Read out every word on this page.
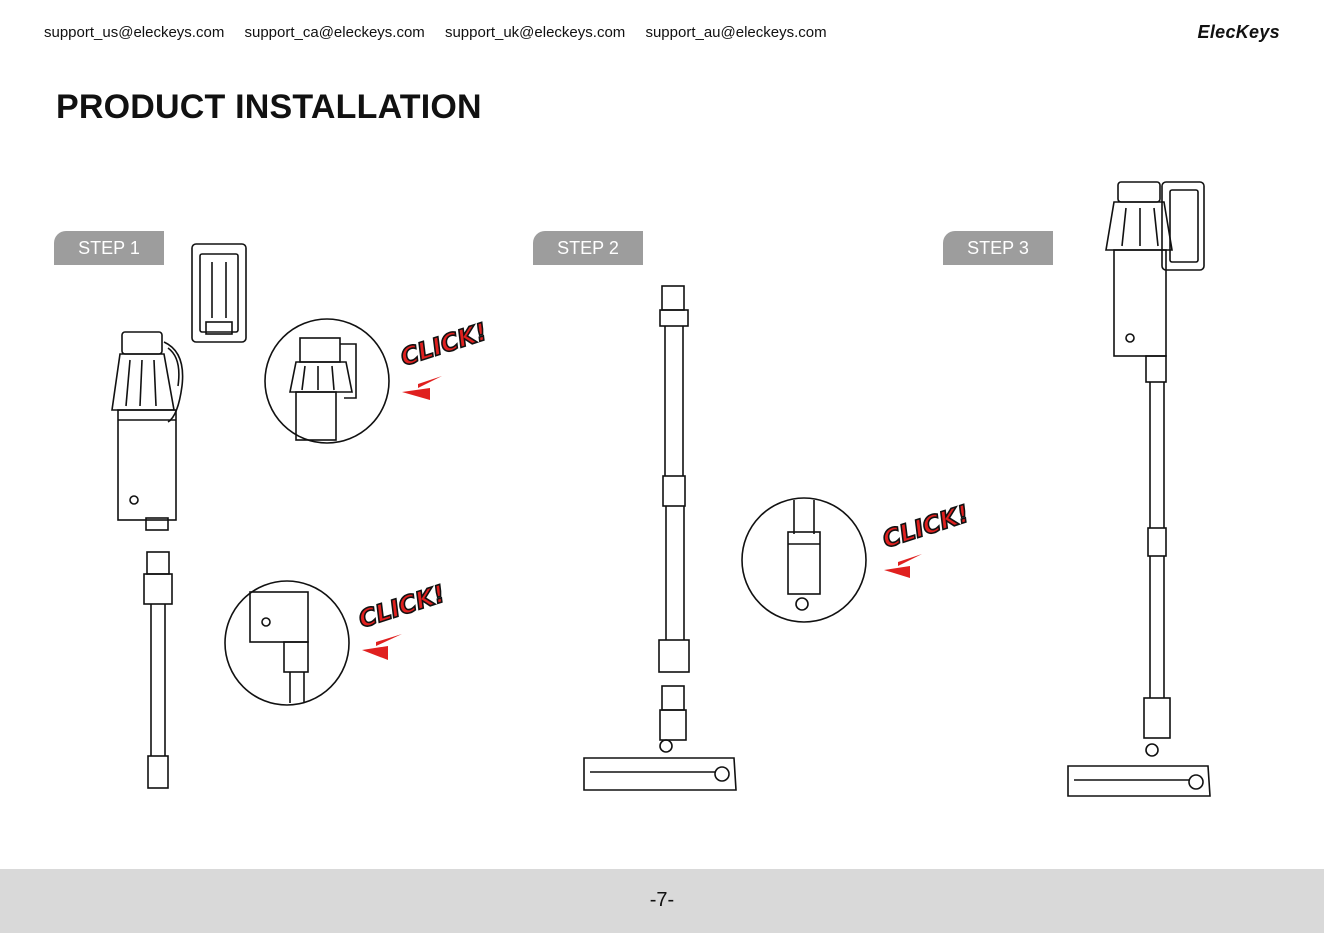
support_us@eleckeys.com support_ca@eleckeys.com support_uk@eleckeys.com support_au@eleckeys.com	ElecKeys
PRODUCT INSTALLATION
STEP 1	STEP 2	STEP 3
CLICK!
CLICK!
CLICK!
-7-
